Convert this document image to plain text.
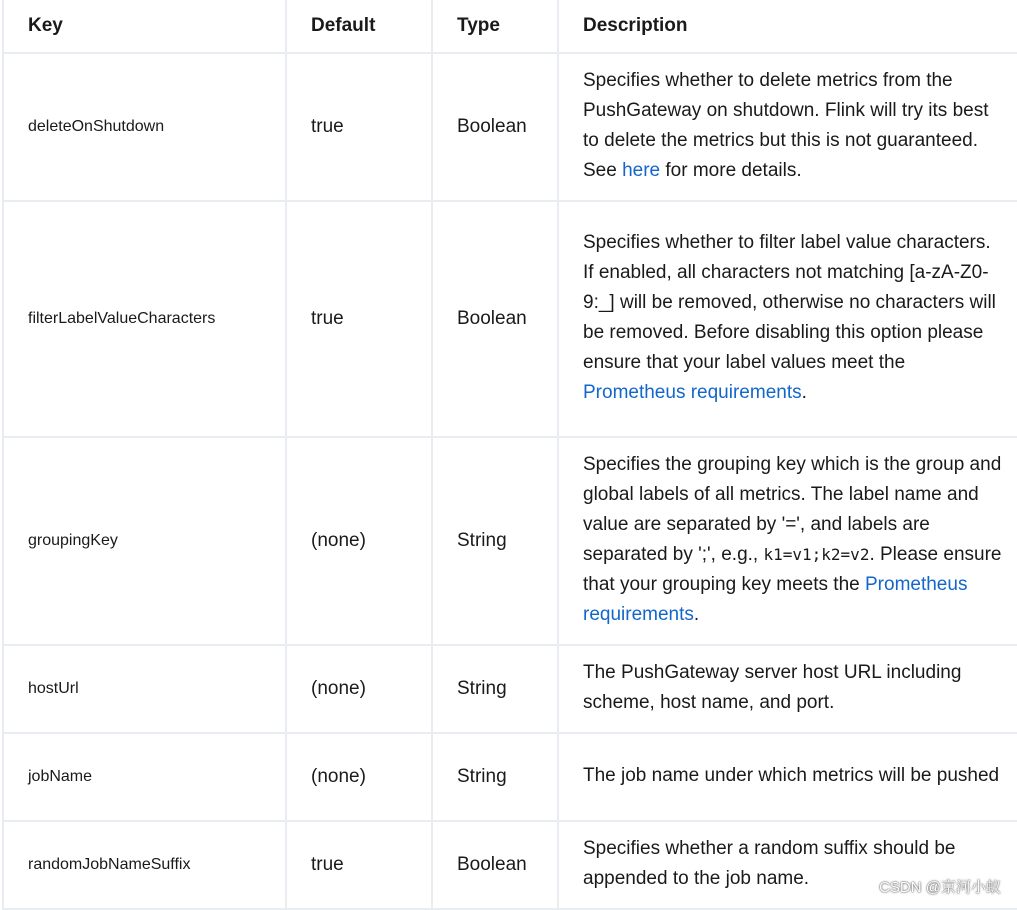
Key	Default	Type	Description
deleteOnShutdown	true	Boolean	Specifies whether to delete metrics from the PushGateway on shutdown. Flink will try its best to delete the metrics but this is not guaranteed. See here for more details.
filterLabelValueCharacters	true	Boolean	Specifies whether to filter label value characters. If enabled, all characters not matching [a-zA-Z0-9:_] will be removed, otherwise no characters will be removed. Before disabling this option please ensure that your label values meet the Prometheus requirements.
groupingKey	(none)	String	Specifies the grouping key which is the group and global labels of all metrics. The label name and value are separated by '=', and labels are separated by ';', e.g., k1=v1;k2=v2. Please ensure that your grouping key meets the Prometheus requirements.
hostUrl	(none)	String	The PushGateway server host URL including scheme, host name, and port.
jobName	(none)	String	The job name under which metrics will be pushed
randomJobNameSuffix	true	Boolean	Specifies whether a random suffix should be appended to the job name.	CSDN @京河小蚁
